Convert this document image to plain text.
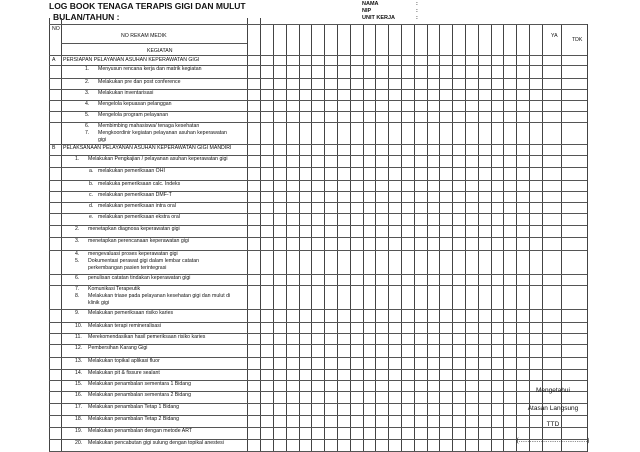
LOG BOOK TENAGA TERAPIS GIGI DAN MULUT
BULAN/TAHUN :
NAMA
NIP
UNIT KERJA
:
:
:
NO
NO REKAM MEDIK
KEGIATAN
YA
TDK
A PERSIAPAN PELAYANAN ASUHAN KEPERAWATAN GIGI
1. Menyusun rencana kerja dan matrik kegiatan
2. Melakukan pre dan post conference
3. Melakukan inventarisasi
4. Mengelola kepuasan pelanggan
5. Mengelola program pelayanan
6. Membimbing mahasiswa/ tenaga kesehatan
7. Mengkoordinir kegiatan pelayanan asuhan keperawatan
gigi
B PELAKSANAAN PELAYANAN ASUHAN KEPERAWATAN GIGI MANDIRI
1. Melakukan Pengkajian / pelayanan asuhan keperawatan gigi
a. melakukan pemeriksaan OHI
b. melakuka pemeriksaan calc. Indeks
c. melakukan pemeriksaan DMF-T
d. melakukan pemeriksaan intra oral
e. melakukan pemeriksaan ekstra oral
2. menetapkan diagnosa keperawatan gigi
3. menetapkan perencanaan keperawatan gigi
4. mengevaluasi proses keperawatan gigi
5. Dokumentasi perawat gigi dalam lembar catatan
perkembangan pasien terintegrasi
6. penulisan catatan tindakan keperawatan gigi
7. Komunikasi Terapeutik
8. Melakukan triase pada pelayanan kesehatan gigi dan mulut di
klinik gigi
9. Melakukan pemeriksaan risiko karies
10. Melakukan terapi remineralisasi
11. Merekomendasikan hasil pemeriksaan risiko karies
12. Pembersihan Karang Gigi
13. Melakukan topikal aplikasi fluor
14. Melakukan pit & fissure sealant
15. Melakukan penambalan sementara 1 Bidang
16. Melakukan penambalan sementara 2 Bidang
17. Melakukan penambalan Tetap 1 Bidang
18. Melakukan penambalan Tetap 2 Bidang
19. Melakukan penambalan dengan metode ART
20. Melakukan pencabutan gigi sulung dengan topikal anestesi
Mengetahui
Atasan Langsung
TTD
(......................................)
